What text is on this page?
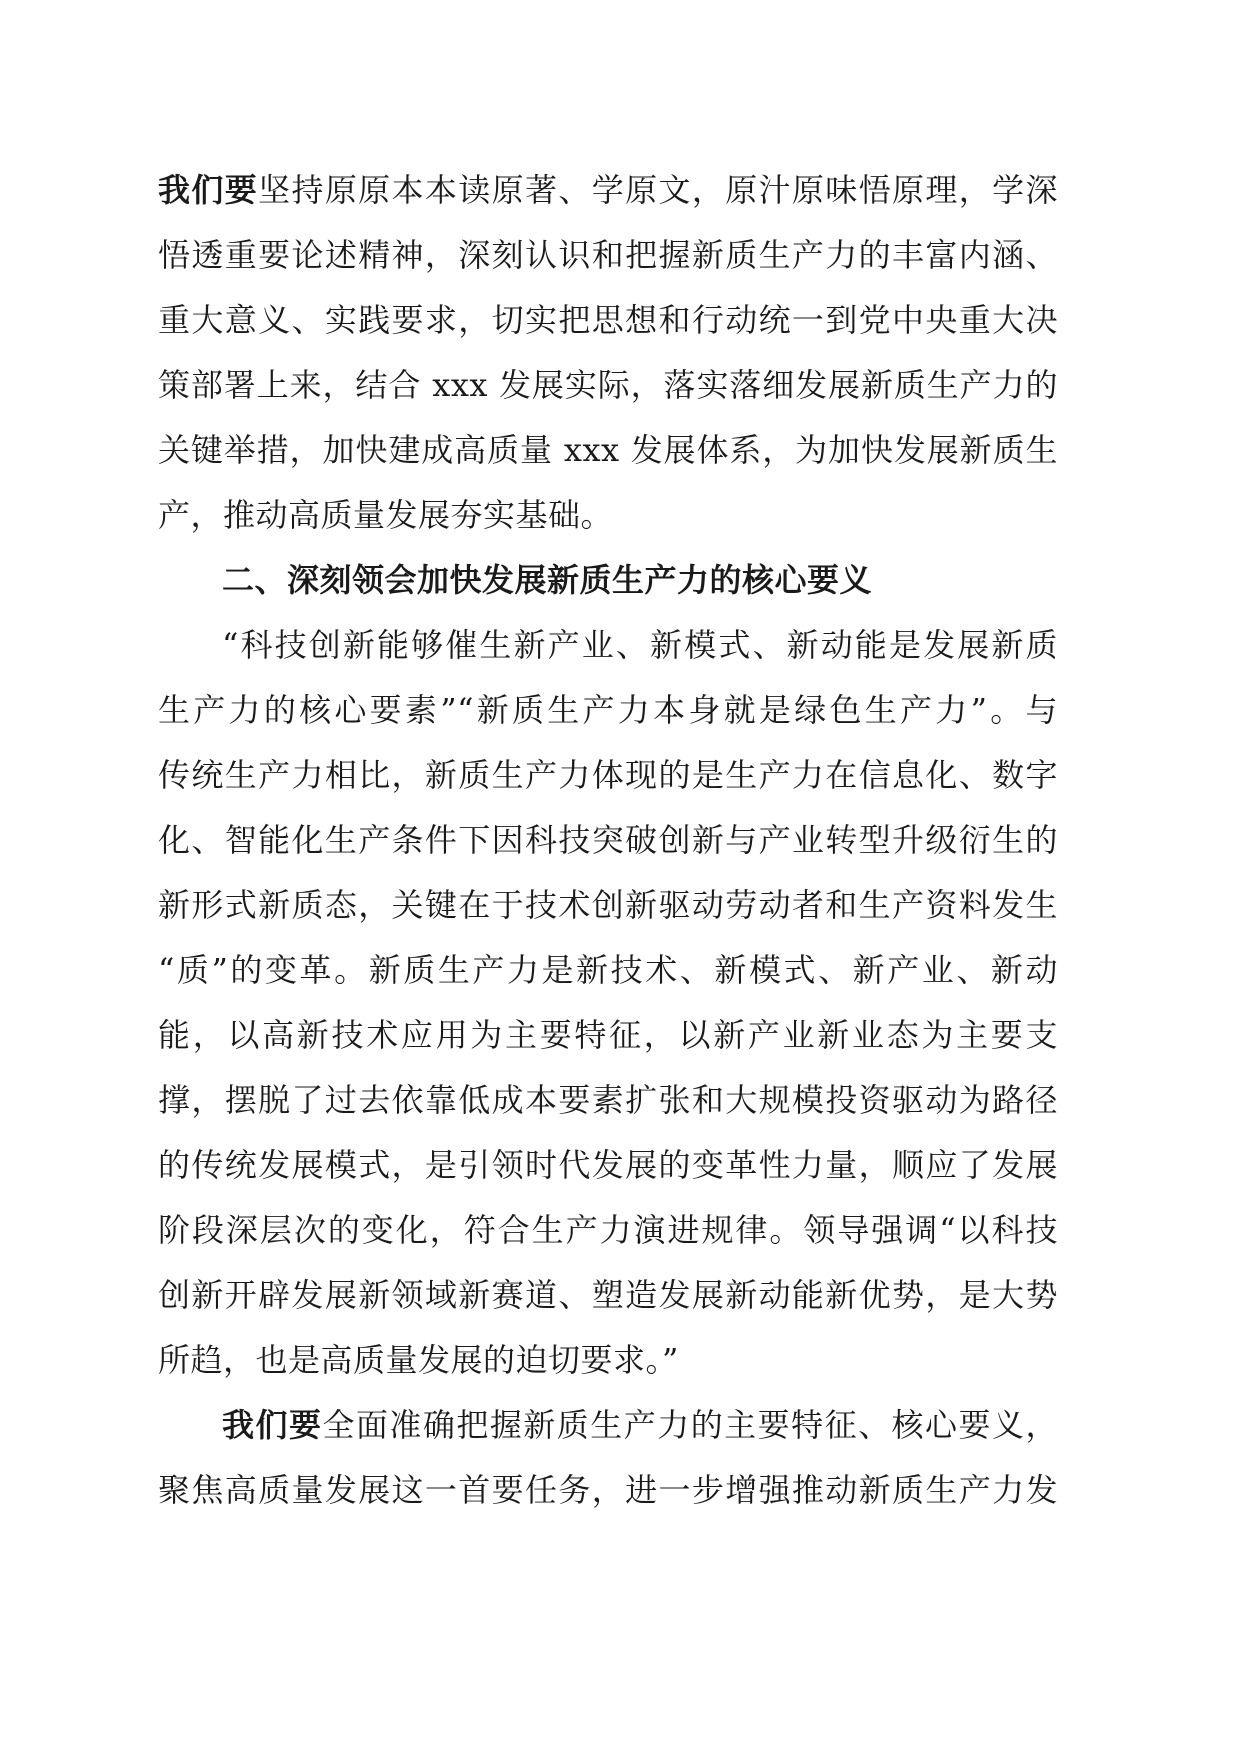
我们要坚持原原本本读原著、学原文，原汁原味悟原理，学深
悟透重要论述精神，深刻认识和把握新质生产力的丰富内涵、
重大意义、实践要求，切实把思想和行动统一到党中央重大决
策部署上来，结合 xxx 发展实际，落实落细发展新质生产力的
关键举措，加快建成高质量 xxx 发展体系，为加快发展新质生
产，推动高质量发展夯实基础。
二、深刻领会加快发展新质生产力的核心要义
“科技创新能够催生新产业、新模式、新动能是发展新质
生产力的核心要素”“新质生产力本身就是绿色生产力”。与
传统生产力相比，新质生产力体现的是生产力在信息化、数字
化、智能化生产条件下因科技突破创新与产业转型升级衍生的
新形式新质态，关键在于技术创新驱动劳动者和生产资料发生
“质”的变革。新质生产力是新技术、新模式、新产业、新动
能，以高新技术应用为主要特征，以新产业新业态为主要支
撑，摆脱了过去依靠低成本要素扩张和大规模投资驱动为路径
的传统发展模式，是引领时代发展的变革性力量，顺应了发展
阶段深层次的变化，符合生产力演进规律。领导强调“以科技
创新开辟发展新领域新赛道、塑造发展新动能新优势，是大势
所趋，也是高质量发展的迫切要求。”
我们要全面准确把握新质生产力的主要特征、核心要义，
聚焦高质量发展这一首要任务，进一步增强推动新质生产力发
